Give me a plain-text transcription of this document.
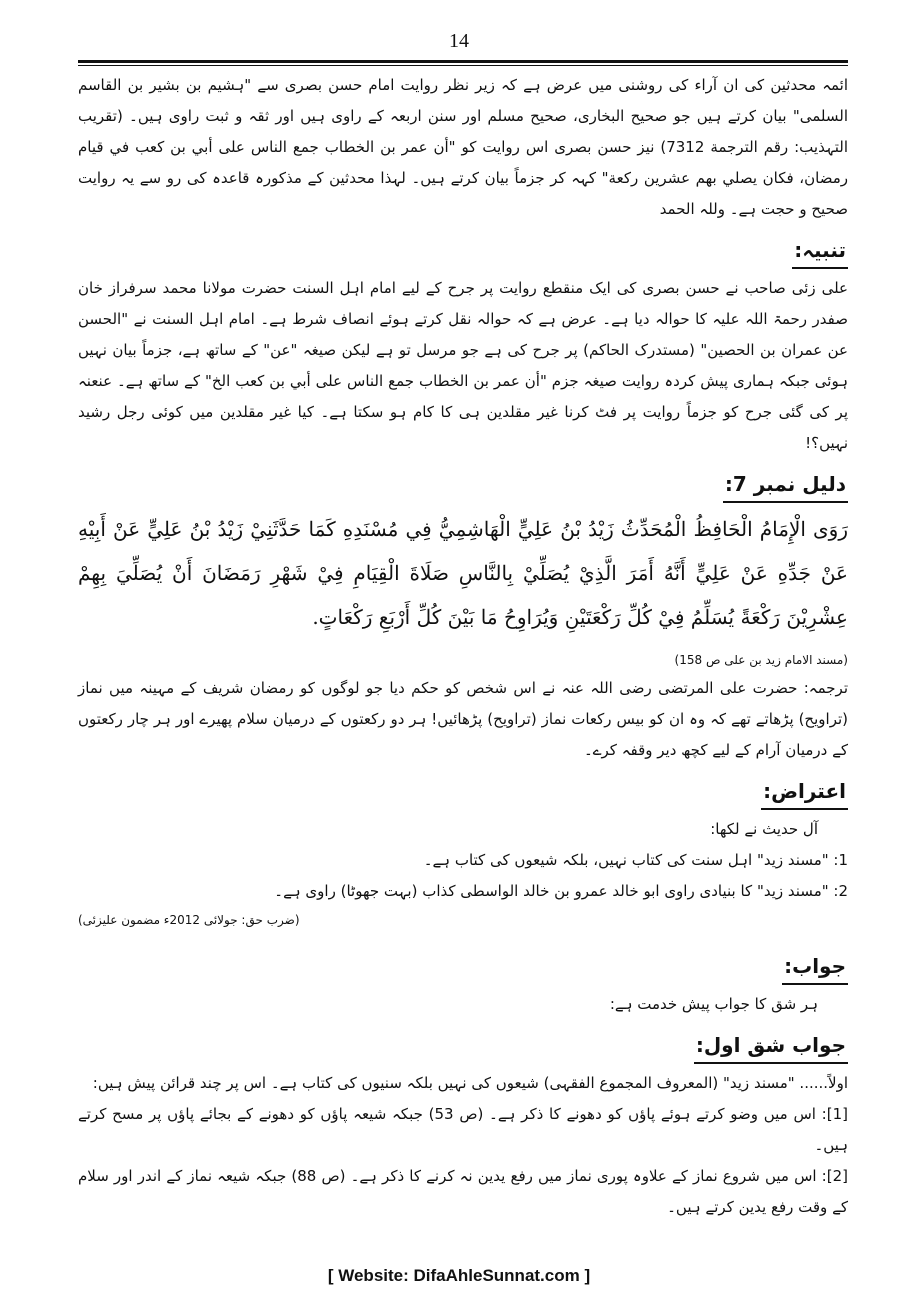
14

ائمہ محدثین کی ان آراء کی روشنی میں عرض ہے کہ زیر نظر روایت امام حسن بصری سے "ہشیم بن بشیر بن القاسم السلمی" بیان کرتے ہیں جو صحیح البخاری، صحیح مسلم اور سنن اربعہ کے راوی ہیں اور ثقہ و ثبت راوی ہیں۔ (تقریب التہذیب: رقم الترجمة 7312) نیز حسن بصری اس روایت کو "أن عمر بن الخطاب جمع الناس علی أبي بن کعب في قیام رمضان، فکان یصلي بهم عشرین رکعة" کہہ کر جزماً بیان کرتے ہیں۔ لہذا محدثین کے مذکورہ قاعدہ کی رو سے یہ روایت صحیح و حجت ہے۔ وللہ الحمد

تنبیہ:

علی زئی صاحب نے حسن بصری کی ایک منقطع روایت پر جرح کے لیے امام اہل السنت حضرت مولانا محمد سرفراز خان صفدر رحمۃ اللہ علیہ کا حوالہ دیا ہے۔ عرض ہے کہ حوالہ نقل کرتے ہوئے انصاف شرط ہے۔ امام اہل السنت نے "الحسن عن عمران بن الحصین" (مستدرک الحاکم) پر جرح کی ہے جو مرسل تو ہے لیکن صیغہ "عن" کے ساتھ ہے، جزماً بیان نہیں ہوئی جبکہ ہماری پیش کردہ روایت صیغہ جزم "أن عمر بن الخطاب جمع الناس علی أبي بن کعب الخ" کے ساتھ ہے۔ عنعنہ پر کی گئی جرح کو جزماً روایت پر فٹ کرنا غیر مقلدین ہی کا کام ہو سکتا ہے۔ کیا غیر مقلدین میں کوئی رجل رشید نہیں؟!

دلیل نمبر 7:

رَوَى الْإِمَامُ الْحَافِظُ الْمُحَدِّثُ زَيْدُ بْنُ عَلِيٍّ الْهَاشِمِيُّ فِي مُسْنَدِهِ كَمَا حَدَّثَنِيْ زَيْدُ بْنُ عَلِيٍّ عَنْ أَبِيْهِ عَنْ جَدِّهِ عَنْ عَلِيٍّ أَنَّهُ أَمَرَ الَّذِيْ يُصَلِّيْ بِالنَّاسِ صَلَاةَ الْقِيَامِ فِيْ شَهْرِ رَمَضَانَ أَنْ يُصَلِّيَ بِهِمْ عِشْرِيْنَ رَكْعَةً يُسَلِّمُ فِيْ كُلِّ رَكْعَتَيْنِ وَيُرَاوِحُ مَا بَيْنَ كُلِّ أَرْبَعِ رَكْعَاتٍ.

(مسند الامام زید بن علی ص 158)

ترجمہ: حضرت علی المرتضی رضی اللہ عنہ نے اس شخص کو حکم دیا جو لوگوں کو رمضان شریف کے مہینہ میں نماز (تراویح) پڑھاتے تھے کہ وہ ان کو بیس رکعات نماز (تراویح) پڑھائیں! ہر دو رکعتوں کے درمیان سلام پھیرے اور ہر چار رکعتوں کے درمیان آرام کے لیے کچھ دیر وقفہ کرے۔

اعتراض:

آل حدیث نے لکھا:

1: "مسند زید" اہل سنت کی کتاب نہیں، بلکہ شیعوں کی کتاب ہے۔

2: "مسند زید" کا بنیادی راوی ابو خالد عمرو بن خالد الواسطی کذاب (بہت جھوٹا) راوی ہے۔

(ضرب حق: جولائی 2012ء مضمون علیزئی)

جواب:

ہر شق کا جواب پیش خدمت ہے:

جواب شق اول:

اولاً...... "مسند زید" (المعروف المجموع الفقہی) شیعوں کی نہیں بلکہ سنیوں کی کتاب ہے۔ اس پر چند قرائن پیش ہیں:

[1]: اس میں وضو کرتے ہوئے پاؤں کو دھونے کا ذکر ہے۔ (ص 53) جبکہ شیعہ پاؤں کو دھونے کے بجائے پاؤں پر مسح کرتے ہیں۔

[2]: اس میں شروع نماز کے علاوہ پوری نماز میں رفع یدین نہ کرنے کا ذکر ہے۔ (ص 88) جبکہ شیعہ نماز کے اندر اور سلام کے وقت رفع یدین کرتے ہیں۔

[ Website: DifaAhleSunnat.com ]
